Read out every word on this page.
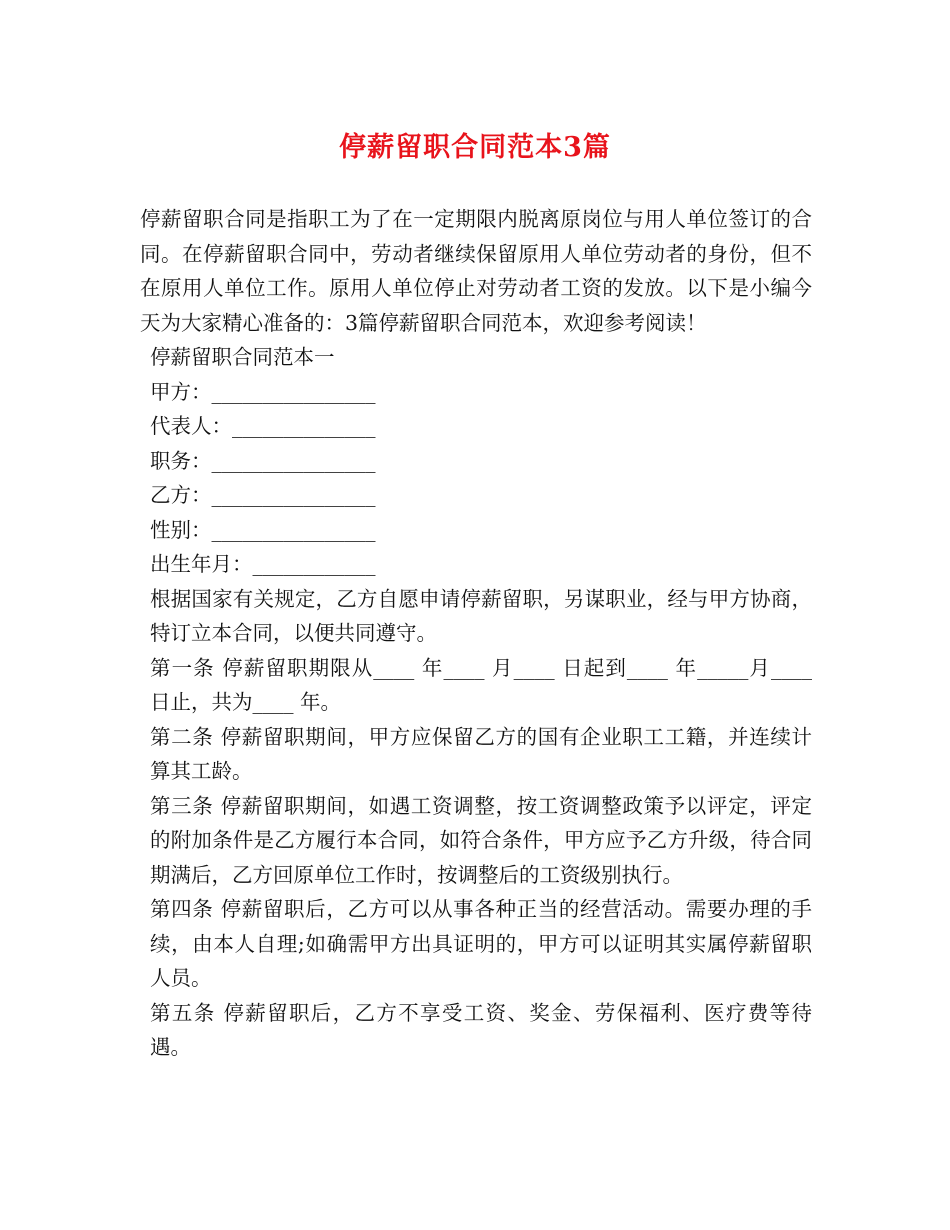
停薪留职合同范本3篇

停薪留职合同是指职工为了在一定期限内脱离原岗位与用人单位签订的合同。在停薪留职合同中，劳动者继续保留原用人单位劳动者的身份，但不在原用人单位工作。原用人单位停止对劳动者工资的发放。以下是小编今天为大家精心准备的：3篇停薪留职合同范本，欢迎参考阅读！

停薪留职合同范本一

甲方：________________

代表人：______________

职务：________________

乙方：________________

性别：________________

出生年月：____________

根据国家有关规定，乙方自愿申请停薪留职，另谋职业，经与甲方协商，特订立本合同，以便共同遵守。

第一条 停薪留职期限从____ 年____ 月____ 日起到____ 年_____月____ 日止，共为____ 年。

第二条 停薪留职期间，甲方应保留乙方的国有企业职工工籍，并连续计算其工龄。

第三条 停薪留职期间，如遇工资调整，按工资调整政策予以评定，评定的附加条件是乙方履行本合同，如符合条件，甲方应予乙方升级，待合同期满后，乙方回原单位工作时，按调整后的工资级别执行。

第四条 停薪留职后，乙方可以从事各种正当的经营活动。需要办理的手续，由本人自理;如确需甲方出具证明的，甲方可以证明其实属停薪留职人员。

第五条 停薪留职后，乙方不享受工资、奖金、劳保福利、医疗费等待遇。
